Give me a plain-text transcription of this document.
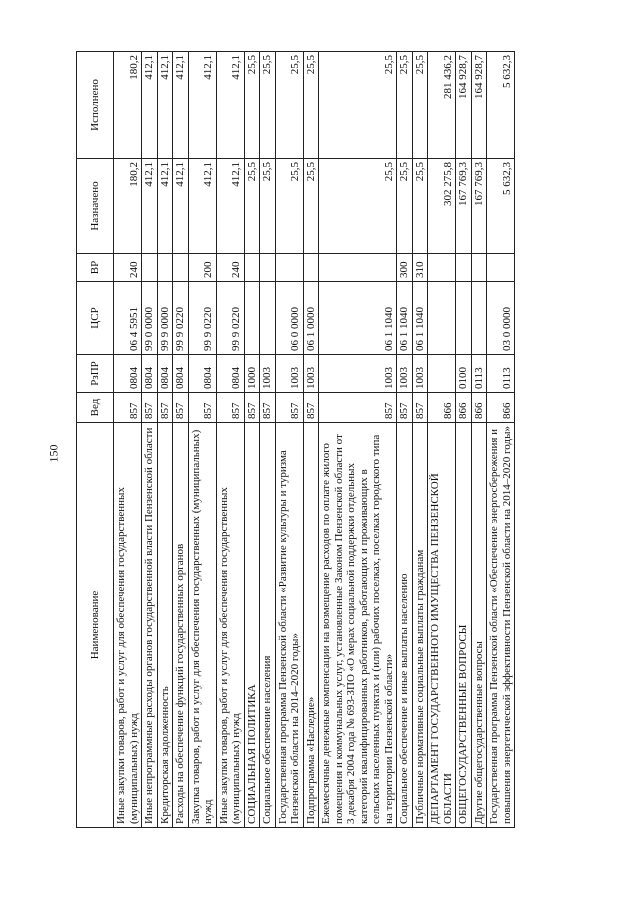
150
Наименование	Вед	РзПР	ЦСР	ВР	Назначено	Исполнено
Иные закупки товаров, работ и услуг для обеспечения государственных (муниципальных) нужд	857	0804	06 4 5951	240	180,2	180,2
Иные непрограммные расходы органов государственной власти Пензенской области	857	0804	99 0 0000		412,1	412,1
Кредиторская задолженность	857	0804	99 9 0000		412,1	412,1
Расходы на обеспечение функций государственных органов	857	0804	99 9 0220		412,1	412,1
Закупка товаров, работ и услуг для обеспечения государственных (муниципальных) нужд	857	0804	99 9 0220	200	412,1	412,1
Иные закупки товаров, работ и услуг для обеспечения государственных (муниципальных) нужд	857	0804	99 9 0220	240	412,1	412,1
СОЦИАЛЬНАЯ ПОЛИТИКА	857	1000			25,5	25,5
Социальное обеспечение населения	857	1003			25,5	25,5
Государственная программа Пензенской области «Развитие культуры и туризма Пензенской области на 2014–2020 годы»	857	1003	06 0 0000		25,5	25,5
Подпрограмма «Наследие»	857	1003	06 1 0000		25,5	25,5
Ежемесячные денежные компенсации на возмещение расходов по оплате жилого помещения и коммунальных услуг, установленные Законом Пензенской области от 3 декабря 2004 года № 693-ЗПО «О мерах социальной поддержки отдельных категорий квалифицированных работников, работающих и проживающих в сельских населенных пунктах и (или) рабочих поселках, поселках городского типа на территории Пензенской области»	857	1003	06 1 1040		25,5	25,5
Социальное обеспечение и иные выплаты населению	857	1003	06 1 1040	300	25,5	25,5
Публичные нормативные социальные выплаты гражданам	857	1003	06 1 1040	310	25,5	25,5
ДЕПАРТАМЕНТ ГОСУДАРСТВЕННОГО ИМУЩЕСТВА ПЕНЗЕНСКОЙ ОБЛАСТИ	866				302 275,8	281 436,2
ОБЩЕГОСУДАРСТВЕННЫЕ ВОПРОСЫ	866	0100			167 769,3	164 928,7
Другие общегосударственные вопросы	866	0113			167 769,3	164 928,7
Государственная программа Пензенской области «Обеспечение энергосбережения и повышения энергетической эффективности Пензенской области на 2014–2020 годы»	866	0113	03 0 0000		5 632,3	5 632,3
